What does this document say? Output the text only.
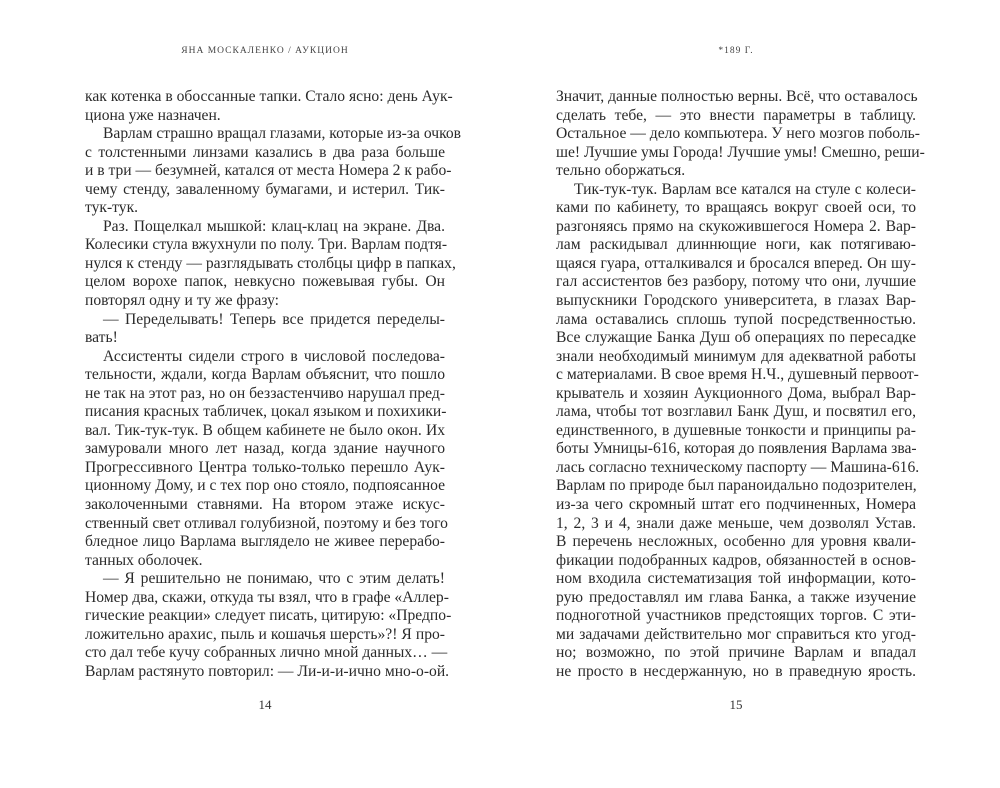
ЯНА МОСКАЛЕНКО / АУКЦИОН
как котенка в обоссанные тапки. Стало ясно: день Аук-
циона уже назначен.
Варлам страшно вращал глазами, которые из-за очков
с толстенными линзами казались в два раза больше
и в три — безумней, катался от места Номера 2 к рабо-
чему стенду, заваленному бумагами, и истерил. Тик-
тук-тук.
Раз. Пощелкал мышкой: клац-клац на экране. Два.
Колесики стула вжухнули по полу. Три. Варлам подтя-
нулся к стенду — разглядывать столбцы цифр в папках,
целом ворохе папок, невкусно пожевывая губы. Он
повторял одну и ту же фразу:
— Переделывать! Теперь все придется переделы-
вать!
Ассистенты сидели строго в числовой последова-
тельности, ждали, когда Варлам объяснит, что пошло
не так на этот раз, но он беззастенчиво нарушал пред-
писания красных табличек, цокал языком и похихики-
вал. Тик-тук-тук. В общем кабинете не было окон. Их
замуровали много лет назад, когда здание научного
Прогрессивного Центра только-только перешло Аук-
ционному Дому, и с тех пор оно стояло, подпоясанное
заколоченными ставнями. На втором этаже искус-
ственный свет отливал голубизной, поэтому и без того
бледное лицо Варлама выглядело не живее перерабо-
танных оболочек.
— Я решительно не понимаю, что с этим делать!
Номер два, скажи, откуда ты взял, что в графе «Аллер-
гические реакции» следует писать, цитирую: «Предпо-
ложительно арахис, пыль и кошачья шерсть»?! Я про-
сто дал тебе кучу собранных лично мной данных… —
Варлам растянуто повторил: — Ли-и-и-ично мно-о-ой.
14
*189 Г.
Значит, данные полностью верны. Всё, что оставалось
сделать тебе, — это внести параметры в таблицу.
Остальное — дело компьютера. У него мозгов поболь-
ше! Лучшие умы Города! Лучшие умы! Смешно, реши-
тельно оборжаться.
Тик-тук-тук. Варлам все катался на стуле с колеси-
ками по кабинету, то вращаясь вокруг своей оси, то
разгоняясь прямо на скукожившегося Номера 2. Вар-
лам раскидывал длиннющие ноги, как потягиваю-
щаяся гуара, отталкивался и бросался вперед. Он шу-
гал ассистентов без разбору, потому что они, лучшие
выпускники Городского университета, в глазах Вар-
лама оставались сплошь тупой посредственностью.
Все служащие Банка Душ об операциях по пересадке
знали необходимый минимум для адекватной работы
с материалами. В свое время Н.Ч., душевный первоот-
крыватель и хозяин Аукционного Дома, выбрал Вар-
лама, чтобы тот возглавил Банк Душ, и посвятил его,
единственного, в душевные тонкости и принципы ра-
боты Умницы-616, которая до появления Варлама зва-
лась согласно техническому паспорту — Машина-616.
Варлам по природе был параноидально подозрителен,
из-за чего скромный штат его подчиненных, Номера
1, 2, 3 и 4, знали даже меньше, чем дозволял Устав.
В перечень несложных, особенно для уровня квали-
фикации подобранных кадров, обязанностей в основ-
ном входила систематизация той информации, кото-
рую предоставлял им глава Банка, а также изучение
подноготной участников предстоящих торгов. С эти-
ми задачами действительно мог справиться кто угод-
но; возможно, по этой причине Варлам и впадал
не просто в несдержанную, но в праведную ярость.
15
